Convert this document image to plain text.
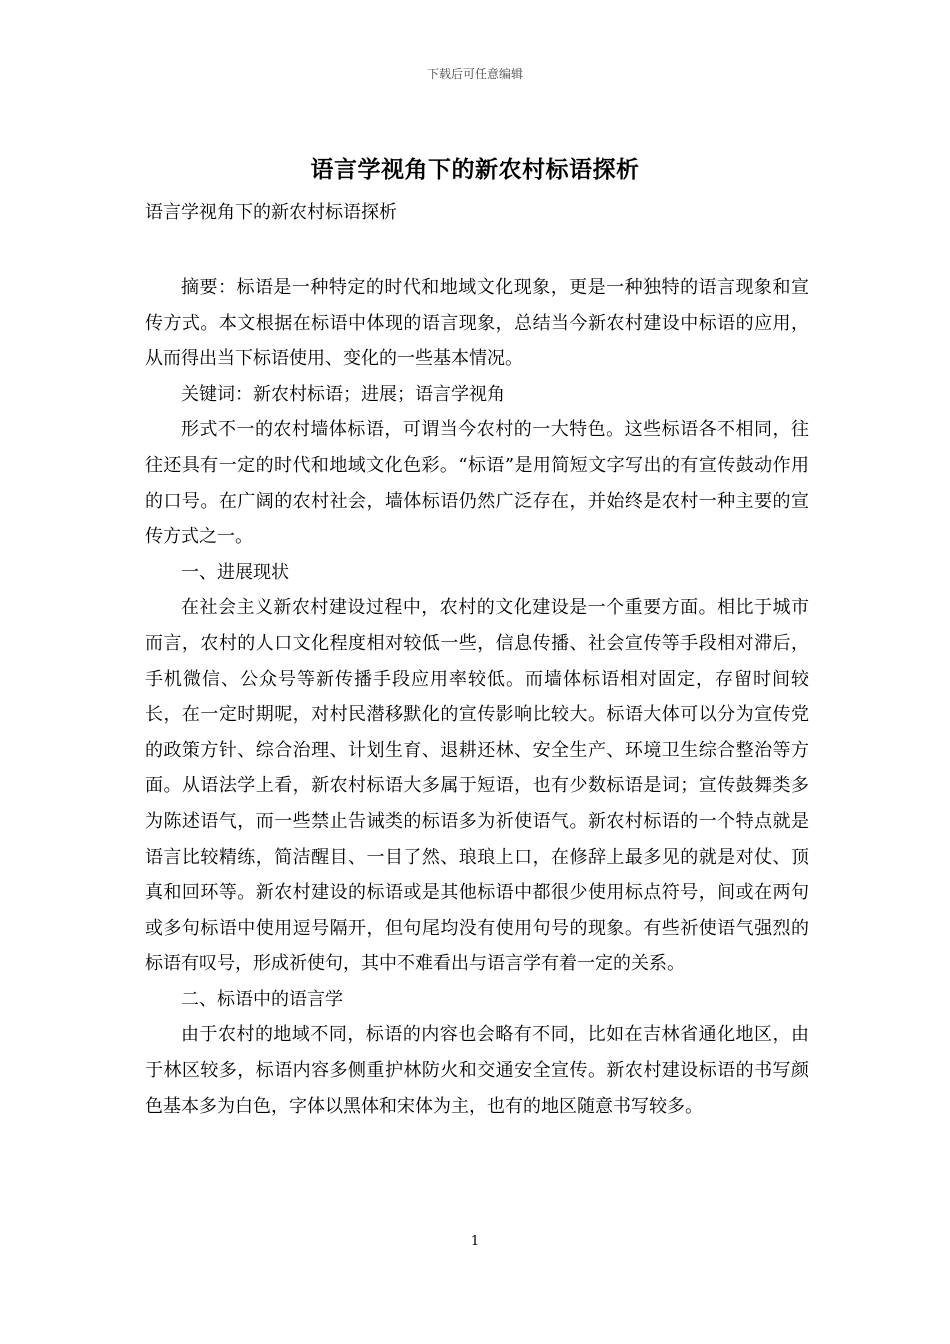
下载后可任意编辑
语言学视角下的新农村标语探析
语言学视角下的新农村标语探析

摘要：标语是一种特定的时代和地域文化现象，更是一种独特的语言现象和宣传方式。本文根据在标语中体现的语言现象，总结当今新农村建设中标语的应用，从而得出当下标语使用、变化的一些基本情况。

关键词：新农村标语；进展；语言学视角

形式不一的农村墙体标语，可谓当今农村的一大特色。这些标语各不相同，往往还具有一定的时代和地域文化色彩。“标语”是用简短文字写出的有宣传鼓动作用的口号。在广阔的农村社会，墙体标语仍然广泛存在，并始终是农村一种主要的宣传方式之一。

一、进展现状

在社会主义新农村建设过程中，农村的文化建设是一个重要方面。相比于城市而言，农村的人口文化程度相对较低一些，信息传播、社会宣传等手段相对滞后，手机微信、公众号等新传播手段应用率较低。而墙体标语相对固定，存留时间较长，在一定时期呢，对村民潜移默化的宣传影响比较大。标语大体可以分为宣传党的政策方针、综合治理、计划生育、退耕还林、安全生产、环境卫生综合整治等方面。从语法学上看，新农村标语大多属于短语，也有少数标语是词；宣传鼓舞类多为陈述语气，而一些禁止告诫类的标语多为祈使语气。新农村标语的一个特点就是语言比较精练，简洁醒目、一目了然、琅琅上口，在修辞上最多见的就是对仗、顶真和回环等。新农村建设的标语或是其他标语中都很少使用标点符号，间或在两句或多句标语中使用逗号隔开，但句尾均没有使用句号的现象。有些祈使语气强烈的标语有叹号，形成祈使句，其中不难看出与语言学有着一定的关系。

二、标语中的语言学

由于农村的地域不同，标语的内容也会略有不同，比如在吉林省通化地区，由于林区较多，标语内容多侧重护林防火和交通安全宣传。新农村建设标语的书写颜色基本多为白色，字体以黑体和宋体为主，也有的地区随意书写较多。

1
